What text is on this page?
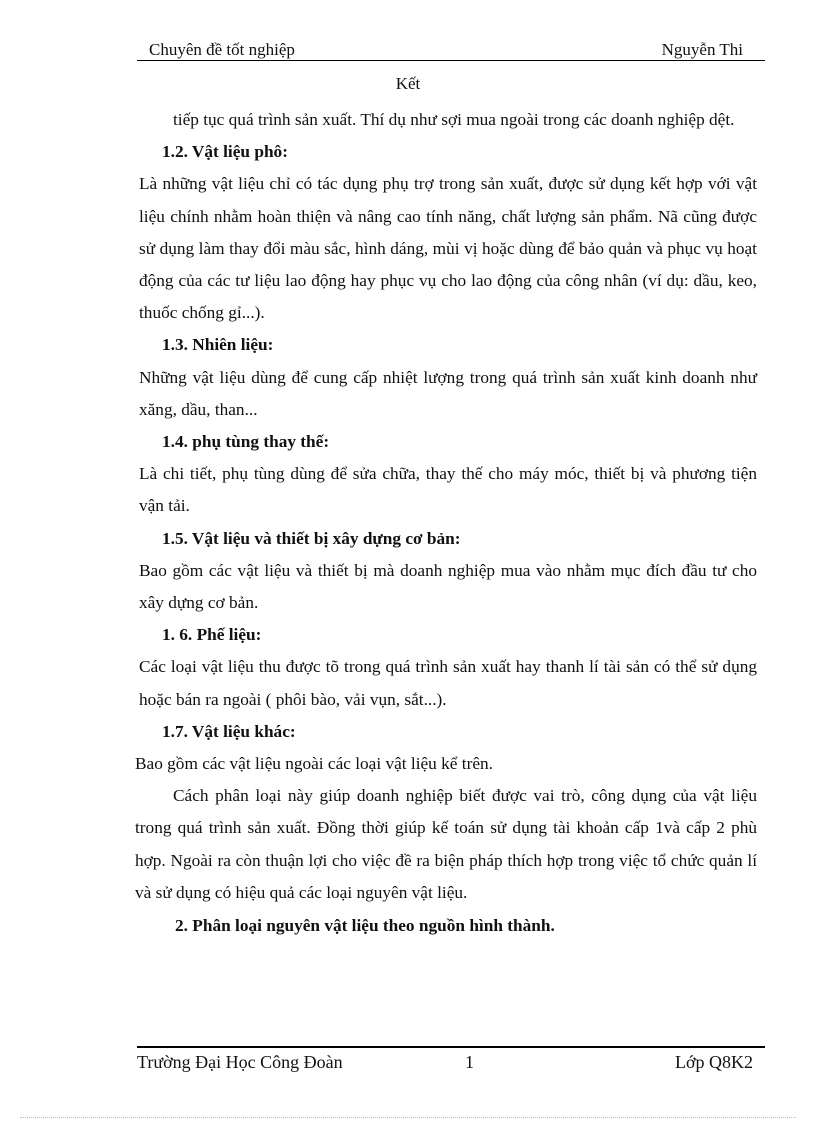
Chuyên đề tốt nghiệp	Nguyễn Thi
Kết

tiếp tục quá trình sản xuất. Thí dụ như sợi mua ngoài trong các doanh nghiệp dệt.

1.2. Vật liệu phô:

Là những vật liệu chỉ có tác dụng phụ trợ trong sản xuất, được sử dụng kết hợp với vật liệu chính nhằm hoàn thiện và nâng cao tính năng, chất lượng sản phẩm. Nã cũng được sử dụng làm thay đổi màu sắc, hình dáng, mùi vị hoặc dùng để bảo quản và phục vụ hoạt động của các tư liệu lao động hay phục vụ cho lao động của công nhân (ví dụ: dầu, keo, thuốc chống gỉ...).

1.3. Nhiên liệu:

Những vật liệu dùng để cung cấp nhiệt lượng trong quá trình sản xuất kinh doanh như xăng, dầu, than...

1.4. phụ tùng thay thế:

Là chi tiết, phụ tùng dùng để sửa chữa, thay thế cho máy móc, thiết bị và phương tiện vận tải.

1.5. Vật liệu và thiết bị xây dựng cơ bản:

Bao gồm các vật liệu và thiết bị mà doanh nghiệp mua vào nhằm mục đích đầu tư cho xây dựng cơ bản.

1. 6. Phế liệu:

Các loại vật liệu thu được tõ trong quá trình sản xuất hay thanh lí tài sản có thể sử dụng hoặc bán ra ngoài ( phôi bào, vải vụn, sắt...).

1.7. Vật liệu khác:

Bao gồm các vật liệu ngoài các loại vật liệu kể trên.

Cách phân loại này giúp doanh nghiệp biết được vai trò, công dụng của vật liệu trong quá trình sản xuất. Đồng thời giúp kế toán sử dụng tài khoản cấp 1và cấp 2 phù hợp. Ngoài ra còn thuận lợi cho việc đề ra biện pháp thích hợp trong việc tổ chức quản lí và sử dụng có hiệu quả các loại nguyên vật liệu.

2. Phân loại nguyên vật liệu theo nguồn hình thành.

Trường Đại Học Công Đoàn	1	Lớp Q8K2
